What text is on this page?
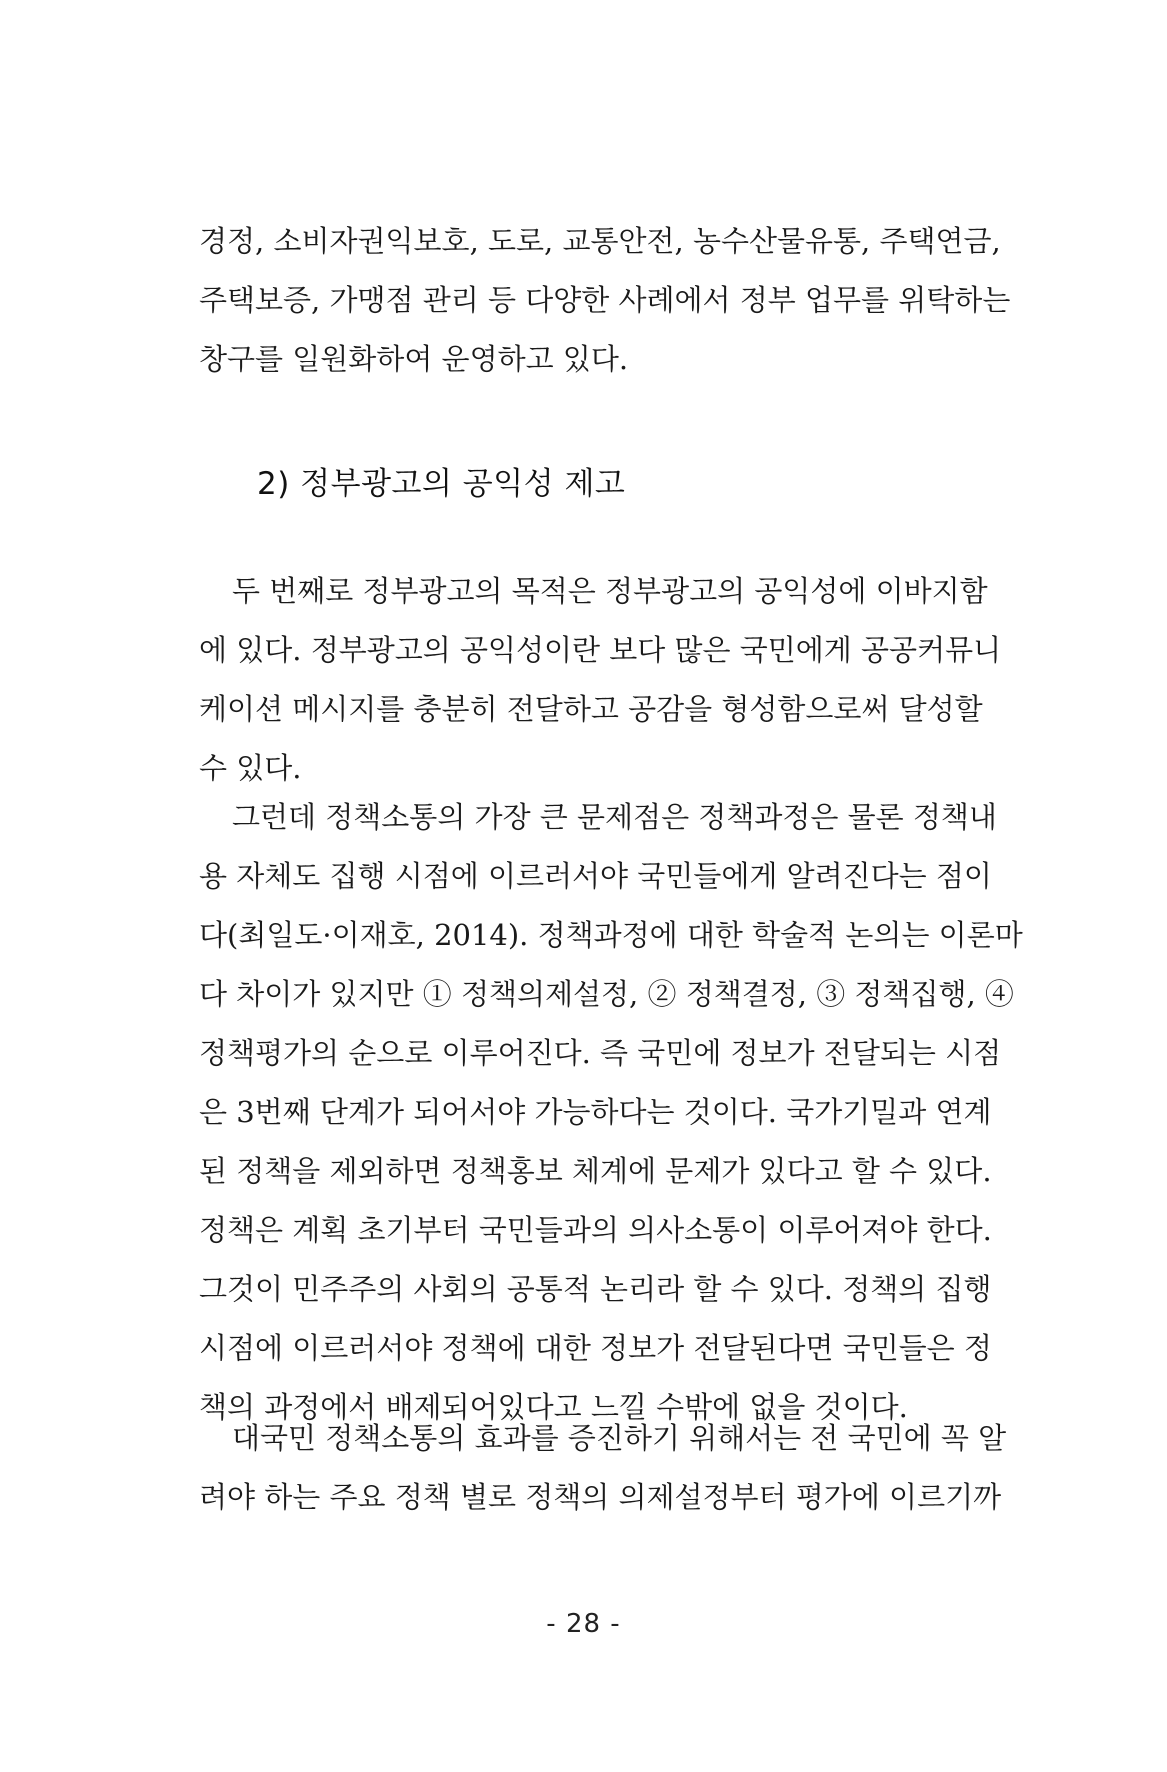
경정, 소비자권익보호, 도로, 교통안전, 농수산물유통, 주택연금,
주택보증, 가맹점 관리 등 다양한 사례에서 정부 업무를 위탁하는
창구를 일원화하여 운영하고 있다.
2) 정부광고의 공익성 제고
두 번째로 정부광고의 목적은 정부광고의 공익성에 이바지함
에 있다. 정부광고의 공익성이란 보다 많은 국민에게 공공커뮤니
케이션 메시지를 충분히 전달하고 공감을 형성함으로써 달성할
수 있다.
그런데 정책소통의 가장 큰 문제점은 정책과정은 물론 정책내
용 자체도 집행 시점에 이르러서야 국민들에게 알려진다는 점이
다(최일도·이재호, 2014). 정책과정에 대한 학술적 논의는 이론마
다 차이가 있지만 ① 정책의제설정, ② 정책결정, ③ 정책집행, ④
정책평가의 순으로 이루어진다. 즉 국민에 정보가 전달되는 시점
은 3번째 단계가 되어서야 가능하다는 것이다. 국가기밀과 연계
된 정책을 제외하면 정책홍보 체계에 문제가 있다고 할 수 있다.
정책은 계획 초기부터 국민들과의 의사소통이 이루어져야 한다.
그것이 민주주의 사회의 공통적 논리라 할 수 있다. 정책의 집행
시점에 이르러서야 정책에 대한 정보가 전달된다면 국민들은 정
책의 과정에서 배제되어있다고 느낄 수밖에 없을 것이다.
대국민 정책소통의 효과를 증진하기 위해서는 전 국민에 꼭 알
려야 하는 주요 정책 별로 정책의 의제설정부터 평가에 이르기까
- 28 -
